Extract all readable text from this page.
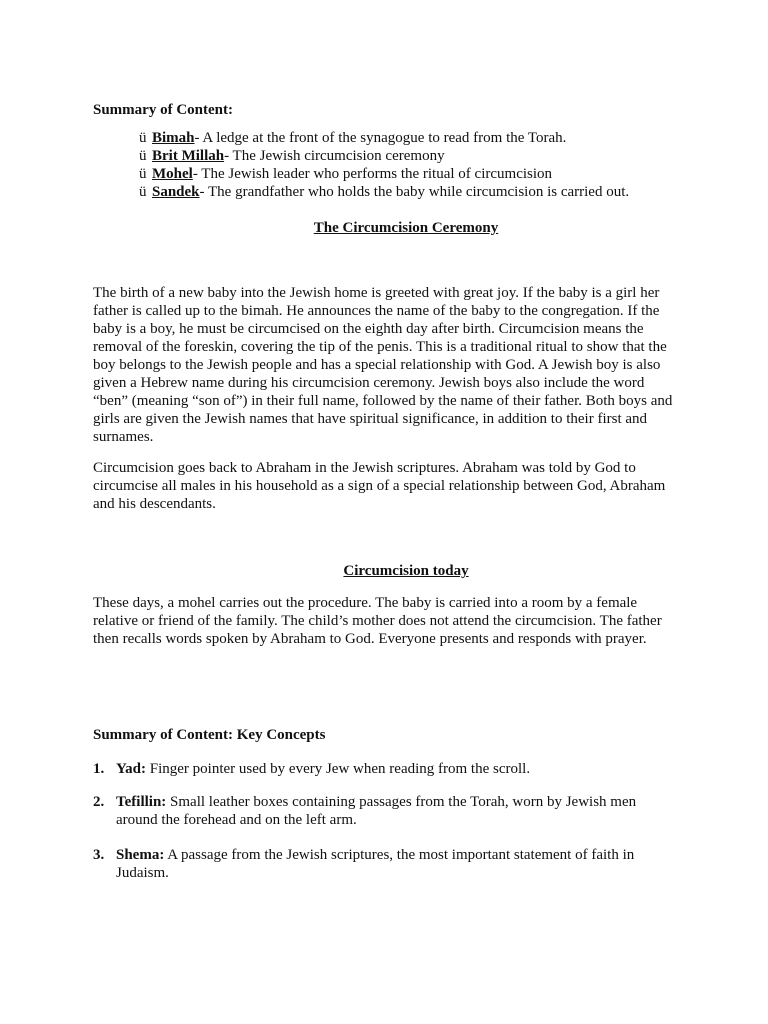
Summary of Content:
ü Bimah- A ledge at the front of the synagogue to read from the Torah.
ü Brit Millah- The Jewish circumcision ceremony
ü Mohel- The Jewish leader who performs the ritual of circumcision
ü Sandek- The grandfather who holds the baby while circumcision is carried out.
The Circumcision Ceremony
The birth of a new baby into the Jewish home is greeted with great joy. If the baby is a girl her father is called up to the bimah. He announces the name of the baby to the congregation. If the baby is a boy, he must be circumcised on the eighth day after birth. Circumcision means the removal of the foreskin, covering the tip of the penis. This is a traditional ritual to show that the boy belongs to the Jewish people and has a special relationship with God. A Jewish boy is also given a Hebrew name during his circumcision ceremony. Jewish boys also include the word “ben” (meaning “son of”) in their full name, followed by the name of their father. Both boys and girls are given the Jewish names that have spiritual significance, in addition to their first and surnames.
Circumcision goes back to Abraham in the Jewish scriptures. Abraham was told by God to circumcise all males in his household as a sign of a special relationship between God, Abraham and his descendants.
Circumcision today
These days, a mohel carries out the procedure. The baby is carried into a room by a female relative or friend of the family. The child’s mother does not attend the circumcision. The father then recalls words spoken by Abraham to God. Everyone presents and responds with prayer.
Summary of Content: Key Concepts
1. Yad: Finger pointer used by every Jew when reading from the scroll.
2. Tefillin: Small leather boxes containing passages from the Torah, worn by Jewish men around the forehead and on the left arm.
3. Shema: A passage from the Jewish scriptures, the most important statement of faith in Judaism.
